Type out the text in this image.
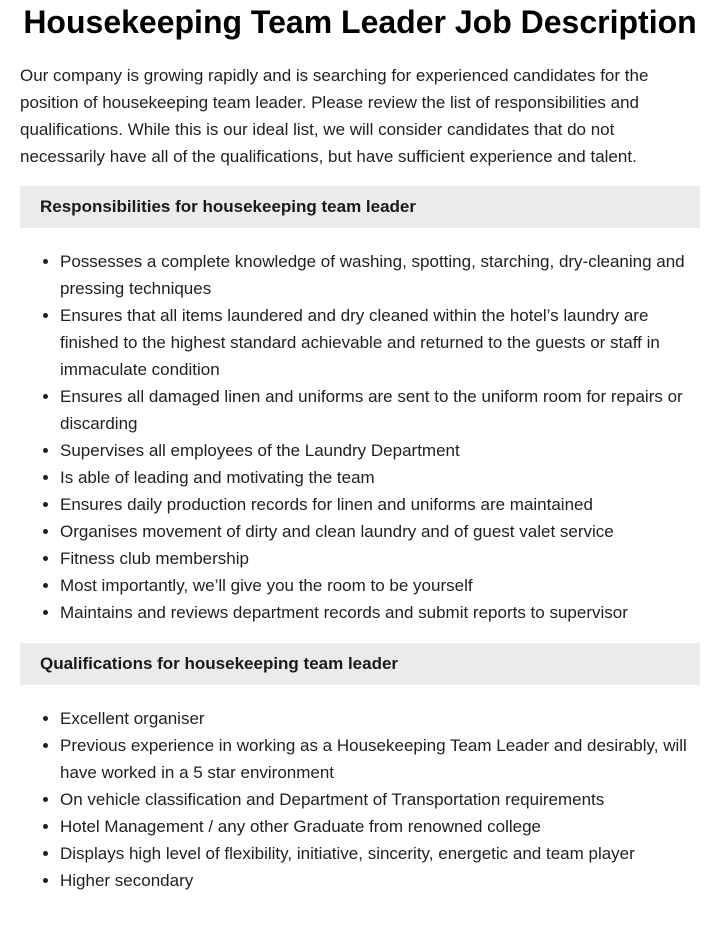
Housekeeping Team Leader Job Description

Our company is growing rapidly and is searching for experienced candidates for the position of housekeeping team leader. Please review the list of responsibilities and qualifications. While this is our ideal list, we will consider candidates that do not necessarily have all of the qualifications, but have sufficient experience and talent.

Responsibilities for housekeeping team leader
• Possesses a complete knowledge of washing, spotting, starching, dry-cleaning and pressing techniques
• Ensures that all items laundered and dry cleaned within the hotel’s laundry are finished to the highest standard achievable and returned to the guests or staff in immaculate condition
• Ensures all damaged linen and uniforms are sent to the uniform room for repairs or discarding
• Supervises all employees of the Laundry Department
• Is able of leading and motivating the team
• Ensures daily production records for linen and uniforms are maintained
• Organises movement of dirty and clean laundry and of guest valet service
• Fitness club membership
• Most importantly, we’ll give you the room to be yourself
• Maintains and reviews department records and submit reports to supervisor
Qualifications for housekeeping team leader
• Excellent organiser
• Previous experience in working as a Housekeeping Team Leader and desirably, will have worked in a 5 star environment
• On vehicle classification and Department of Transportation requirements
• Hotel Management / any other Graduate from renowned college
• Displays high level of flexibility, initiative, sincerity, energetic and team player
• Higher secondary
